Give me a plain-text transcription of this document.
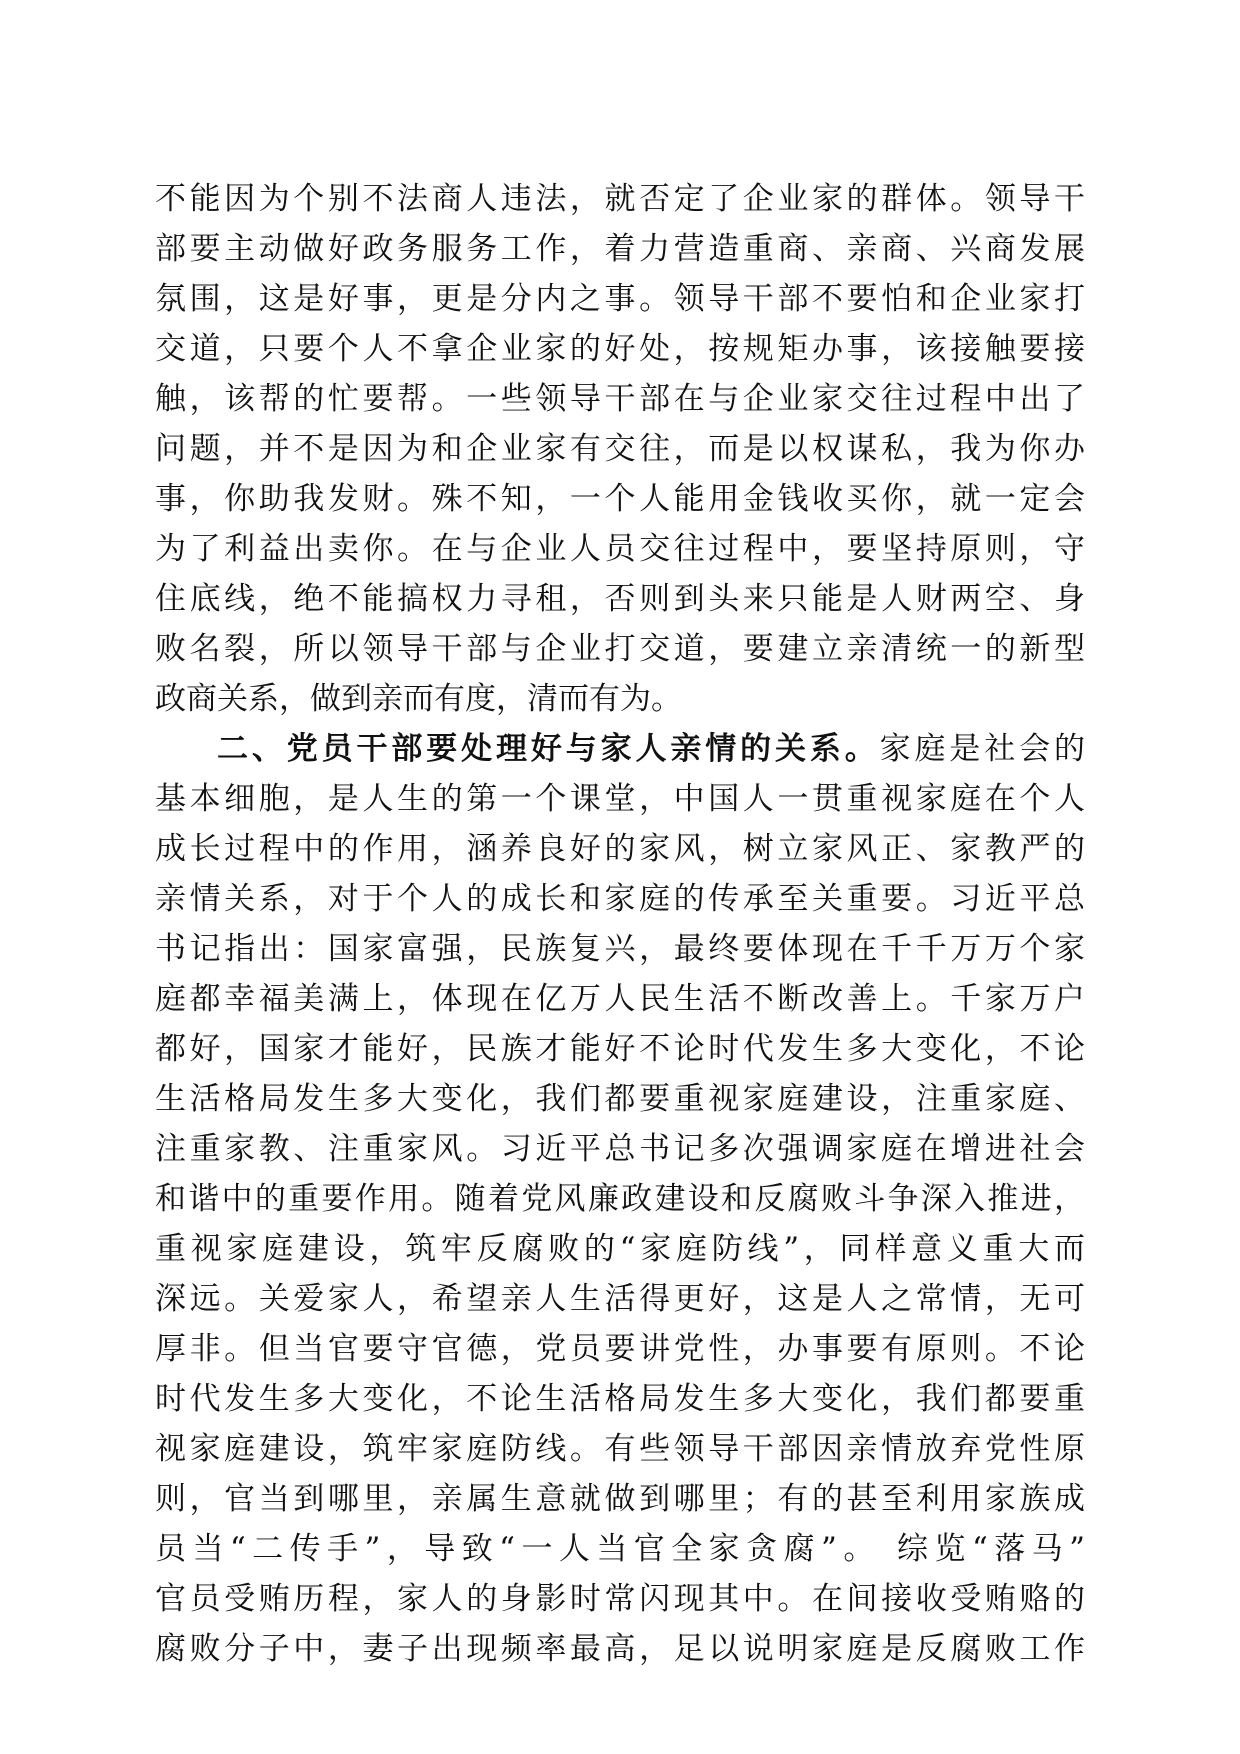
不能因为个别不法商人违法，就否定了企业家的群体。领导干
部要主动做好政务服务工作，着力营造重商、亲商、兴商发展
氛围，这是好事，更是分内之事。领导干部不要怕和企业家打
交道，只要个人不拿企业家的好处，按规矩办事，该接触要接
触，该帮的忙要帮。一些领导干部在与企业家交往过程中出了
问题，并不是因为和企业家有交往，而是以权谋私，我为你办
事，你助我发财。殊不知，一个人能用金钱收买你，就一定会
为了利益出卖你。在与企业人员交往过程中，要坚持原则，守
住底线，绝不能搞权力寻租，否则到头来只能是人财两空、身
败名裂，所以领导干部与企业打交道，要建立亲清统一的新型
政商关系，做到亲而有度，清而有为。
二、党员干部要处理好与家人亲情的关系。家庭是社会的
基本细胞，是人生的第一个课堂，中国人一贯重视家庭在个人
成长过程中的作用，涵养良好的家风，树立家风正、家教严的
亲情关系，对于个人的成长和家庭的传承至关重要。习近平总
书记指出：国家富强，民族复兴，最终要体现在千千万万个家
庭都幸福美满上，体现在亿万人民生活不断改善上。千家万户
都好，国家才能好，民族才能好不论时代发生多大变化，不论
生活格局发生多大变化，我们都要重视家庭建设，注重家庭、
注重家教、注重家风。习近平总书记多次强调家庭在增进社会
和谐中的重要作用。随着党风廉政建设和反腐败斗争深入推进，
重视家庭建设，筑牢反腐败的“家庭防线”，同样意义重大而
深远。关爱家人，希望亲人生活得更好，这是人之常情，无可
厚非。但当官要守官德，党员要讲党性，办事要有原则。不论
时代发生多大变化，不论生活格局发生多大变化，我们都要重
视家庭建设，筑牢家庭防线。有些领导干部因亲情放弃党性原
则，官当到哪里，亲属生意就做到哪里；有的甚至利用家族成
员当“二传手”，导致“一人当官全家贪腐”。 综览“落马”
官员受贿历程，家人的身影时常闪现其中。在间接收受贿赂的
腐败分子中，妻子出现频率最高，足以说明家庭是反腐败工作
